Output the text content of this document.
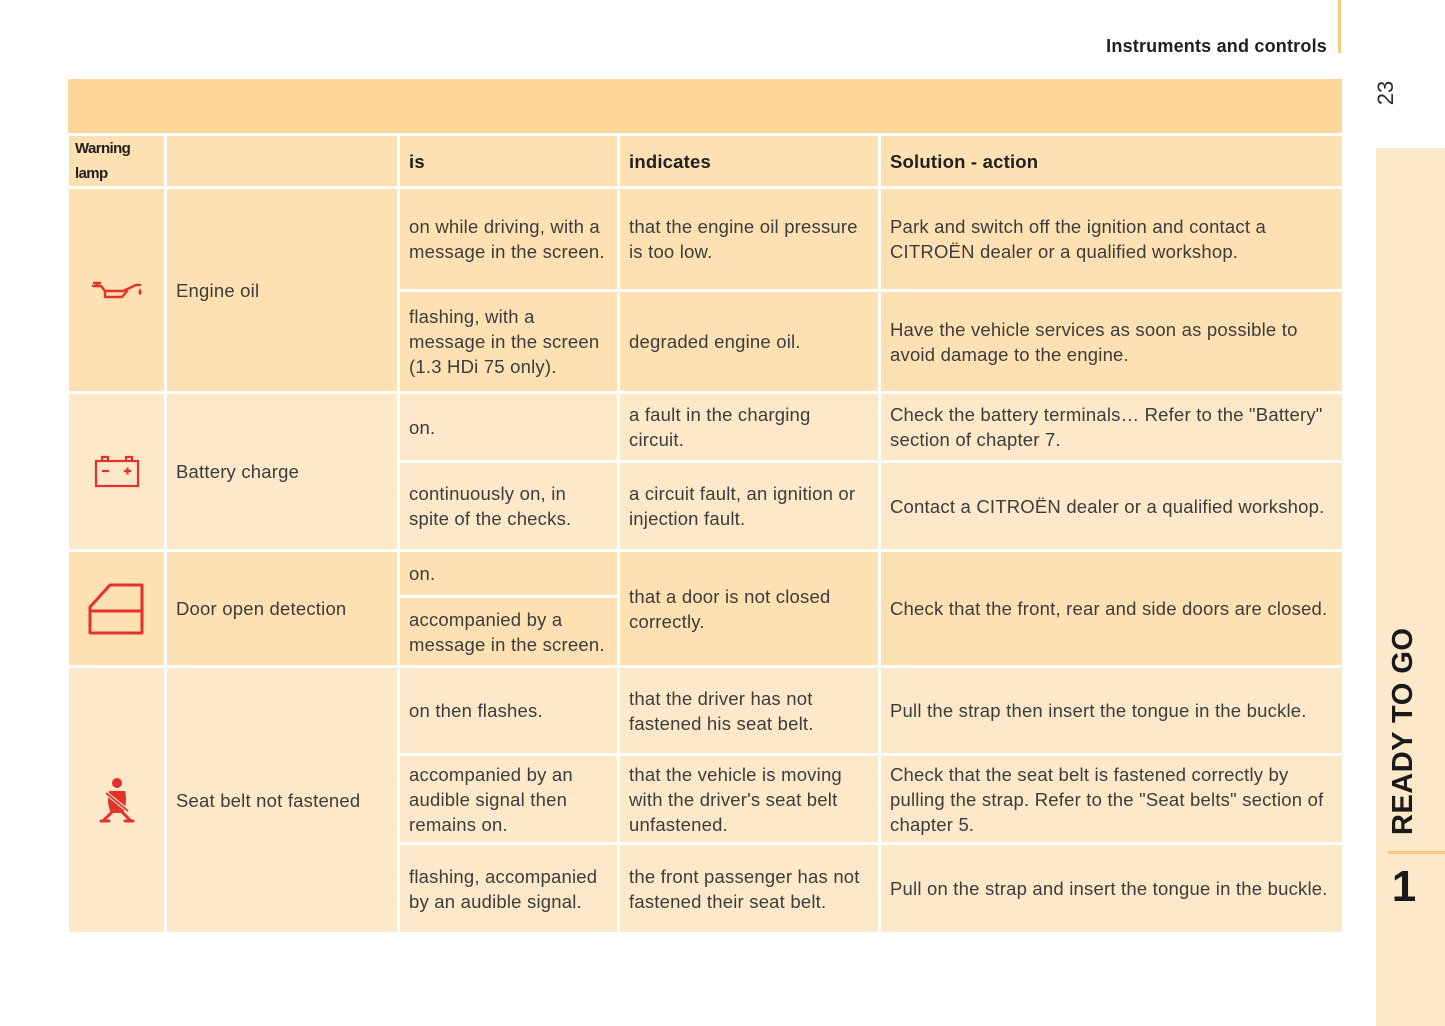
Instruments and controls
23
READY TO GO
1
Warning lamp		is	indicates	Solution - action

	Engine oil	on while driving, with a message in the screen.	that the engine oil pressure is too low.	Park and switch off the ignition and contact a CITROËN dealer or a qualified workshop.
		flashing, with a message in the screen (1.3 HDi 75 only).	degraded engine oil.	Have the vehicle services as soon as possible to avoid damage to the engine.

	Battery charge	on.	a fault in the charging circuit.	Check the battery terminals… Refer to the "Battery" section of chapter 7.
		continuously on, in spite of the checks.	a circuit fault, an ignition or injection fault.	Contact a CITROËN dealer or a qualified workshop.

	Door open detection	on.	that a door is not closed correctly.	Check that the front, rear and side doors are closed.
		accompanied by a message in the screen.		

	Seat belt not fastened	on then flashes.	that the driver has not fastened his seat belt.	Pull the strap then insert the tongue in the buckle.
		accompanied by an audible signal then remains on.	that the vehicle is moving with the driver's seat belt unfastened.	Check that the seat belt is fastened correctly by pulling the strap. Refer to the "Seat belts" section of chapter 5.
		flashing, accompanied by an audible signal.	the front passenger has not fastened their seat belt.	Pull on the strap and insert the tongue in the buckle.
